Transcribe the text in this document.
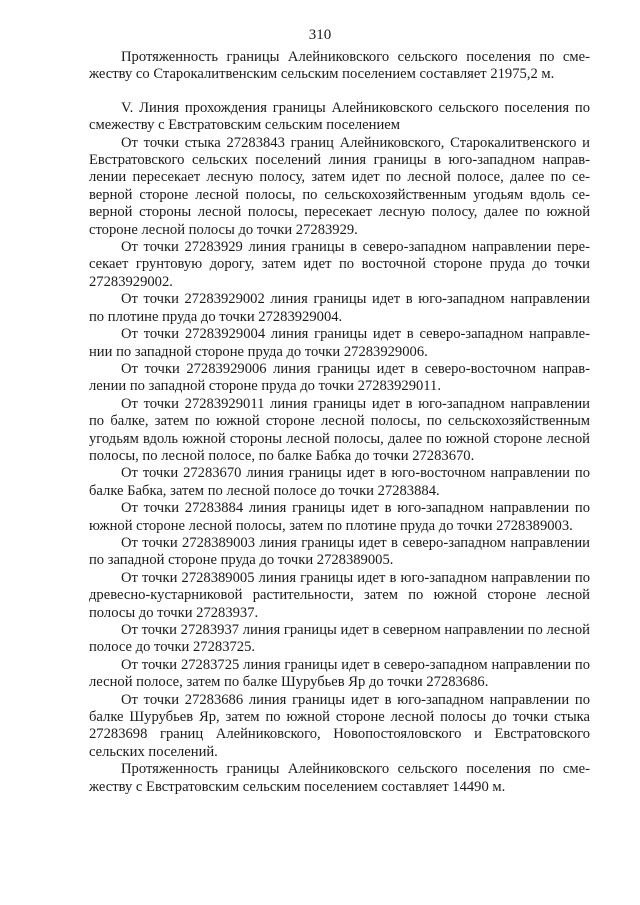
310

Протяженность границы Алейниковского сельского поселения по смежеству со Старокалитвенским сельским поселением составляет 21975,2 м.

V. Линия прохождения границы Алейниковского сельского поселения по смежеству с Евстратовским сельским поселением

От точки стыка 27283843 границ Алейниковского, Старокалитвенского и Евстратовского сельских поселений линия границы в юго-западном направлении пересекает лесную полосу, затем идет по лесной полосе, далее по северной стороне лесной полосы, по сельскохозяйственным угодьям вдоль северной стороны лесной полосы, пересекает лесную полосу, далее по южной стороне лесной полосы до точки 27283929.

От точки 27283929 линия границы в северо-западном направлении пересекает грунтовую дорогу, затем идет по восточной стороне пруда до точки 27283929002.

От точки 27283929002 линия границы идет в юго-западном направлении по плотине пруда до точки 27283929004.

От точки 27283929004 линия границы идет в северо-западном направлении по западной стороне пруда до точки 27283929006.

От точки 27283929006 линия границы идет в северо-восточном направлении по западной стороне пруда до точки 27283929011.

От точки 27283929011 линия границы идет в юго-западном направлении по балке, затем по южной стороне лесной полосы, по сельскохозяйственным угодьям вдоль южной стороны лесной полосы, далее по южной стороне лесной полосы, по лесной полосе, по балке Бабка до точки 27283670.

От точки 27283670 линия границы идет в юго-восточном направлении по балке Бабка, затем по лесной полосе до точки 27283884.

От точки 27283884 линия границы идет в юго-западном направлении по южной стороне лесной полосы, затем по плотине пруда до точки 2728389003.

От точки 2728389003 линия границы идет в северо-западном направлении по западной стороне пруда до точки 2728389005.

От точки 2728389005 линия границы идет в юго-западном направлении по древесно-кустарниковой растительности, затем по южной стороне лесной полосы до точки 27283937.

От точки 27283937 линия границы идет в северном направлении по лесной полосе до точки 27283725.

От точки 27283725 линия границы идет в северо-западном направлении по лесной полосе, затем по балке Шурубьев Яр до точки 27283686.

От точки 27283686 линия границы идет в юго-западном направлении по балке Шурубьев Яр, затем по южной стороне лесной полосы до точки стыка 27283698 границ Алейниковского, Новопостояловского и Евстратовского сельских поселений.

Протяженность границы Алейниковского сельского поселения по смежеству с Евстратовским сельским поселением составляет 14490 м.
